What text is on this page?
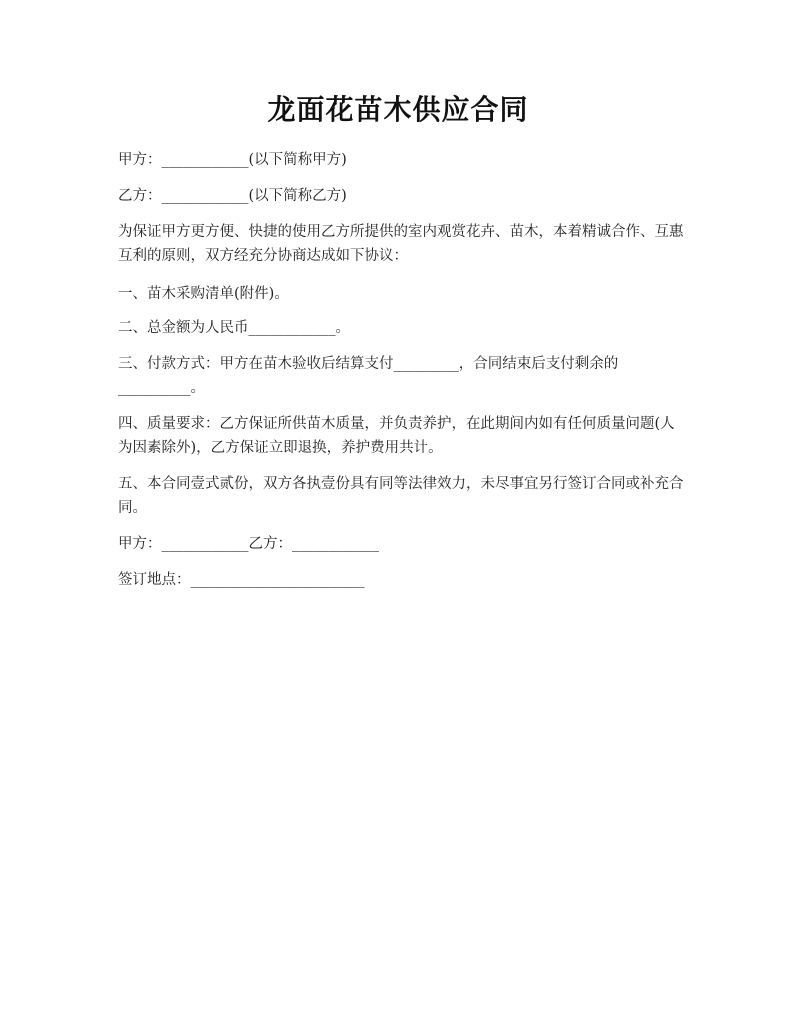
龙面花苗木供应合同

甲方：____________(以下简称甲方)

乙方：____________(以下简称乙方)

为保证甲方更方便、快捷的使用乙方所提供的室内观赏花卉、苗木，本着精诚合作、互惠互利的原则，双方经充分协商达成如下协议：

一、苗木采购清单(附件)。

二、总金额为人民币____________。

三、付款方式：甲方在苗木验收后结算支付_________，合同结束后支付剩余的__________。

四、质量要求：乙方保证所供苗木质量，并负责养护，在此期间内如有任何质量问题(人为因素除外)，乙方保证立即退换，养护费用共计。

五、本合同壹式贰份，双方各执壹份具有同等法律效力，未尽事宜另行签订合同或补充合同。

甲方：____________乙方：____________

签订地点：________________________
